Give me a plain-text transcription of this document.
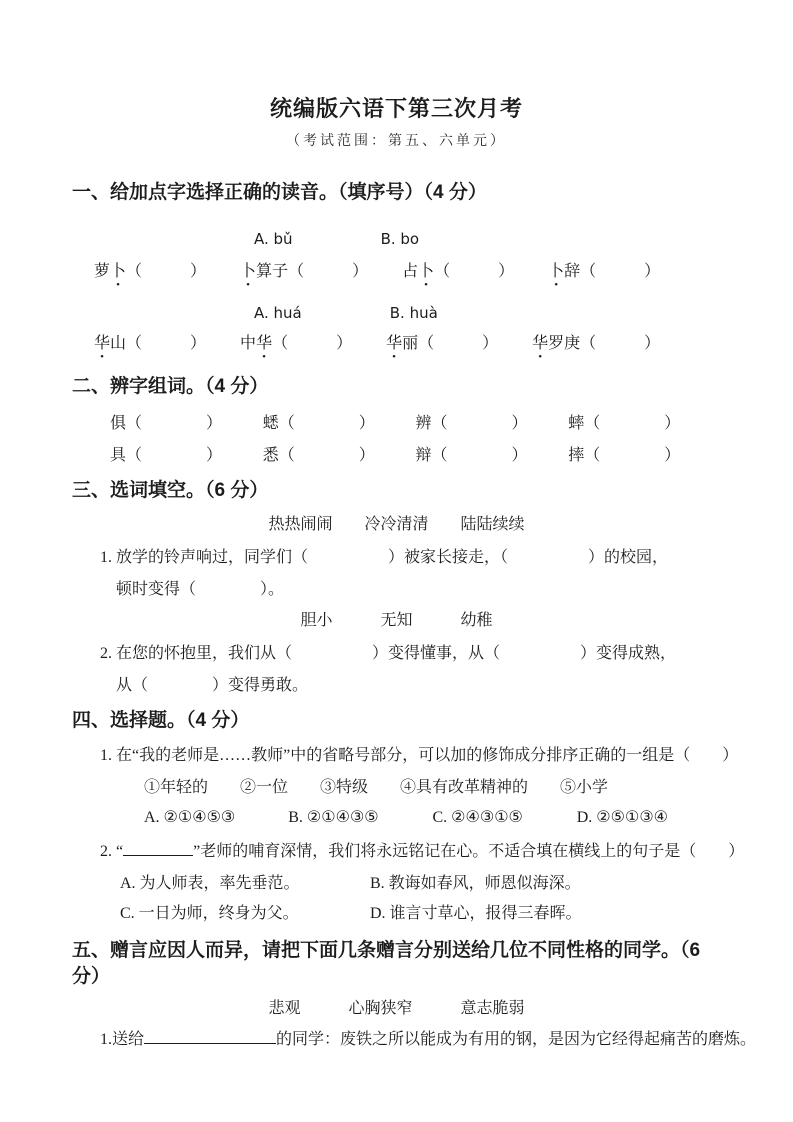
统编版六语下第三次月考
（考试范围：第五、六单元）
一、给加点字选择正确的读音。（填序号）（4 分）
A. bǔ	B. bo
萝卜（　　　） 卜算子（　　　） 占卜（　　　） 卜辞（　　　）
A. huá	B. huà
华山（　　　） 中华（　　　） 华丽（　　　） 华罗庚（　　　）
二、辨字组词。（4 分）
俱（　　　　）	蟋（　　　　）	辨（　　　　）	蟀（　　　　）
具（　　　　）	悉（　　　　）	辩（　　　　）	摔（　　　　）
三、选词填空。（6 分）
热热闹闹　　冷冷清清　　陆陆续续
1. 放学的铃声响过，同学们（　　　　　）被家长接走，（　　　　　）的校园，
顿时变得（　　　　）。
胆小　　　无知　　　幼稚
2. 在您的怀抱里，我们从（　　　　　）变得懂事，从（　　　　　）变得成熟，
从（　　　　）变得勇敢。
四、选择题。（4 分）
1. 在“我的老师是……教师”中的省略号部分，可以加的修饰成分排序正确的一组是（　　）
①年轻的　　②一位　　③特级　　④具有改革精神的　　⑤小学
A. ②①④⑤③	B. ②①④③⑤	C. ②④③①⑤	D. ②⑤①③④
2. “	”老师的哺育深情，我们将永远铭记在心。不适合填在横线上的句子是（　　）
A. 为人师表，率先垂范。	B. 教诲如春风，师恩似海深。
C. 一日为师，终身为父。	D. 谁言寸草心，报得三春晖。
五、赠言应因人而异，请把下面几条赠言分别送给几位不同性格的同学。（6 分）
悲观　　　心胸狭窄　　　意志脆弱
1.送给	的同学：废铁之所以能成为有用的钢，是因为它经得起痛苦的磨炼。
